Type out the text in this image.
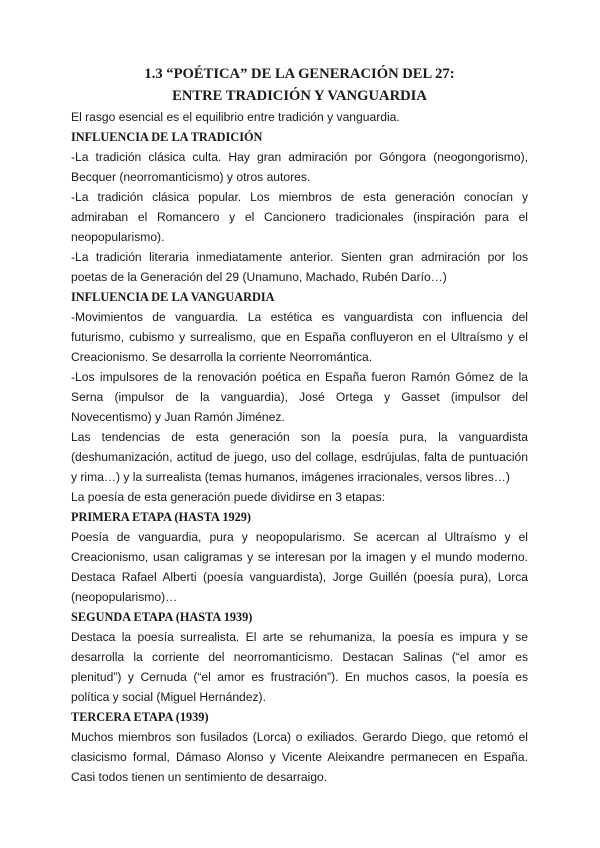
1.3 “POÉTICA” DE LA GENERACIÓN DEL 27:
ENTRE TRADICIÓN Y VANGUARDIA

El rasgo esencial es el equilibrio entre tradición y vanguardia.

INFLUENCIA DE LA TRADICIÓN

-La tradición clásica culta. Hay gran admiración por Góngora (neogongorismo), Becquer (neorromanticismo) y otros autores.

-La tradición clásica popular. Los miembros de esta generación conocían y admiraban el Romancero y el Cancionero tradicionales (inspiración para el neopopularismo).

-La tradición literaria inmediatamente anterior. Sienten gran admiración por los poetas de la Generación del 29 (Unamuno, Machado, Rubén Darío…)

INFLUENCIA DE LA VANGUARDIA

-Movimientos de vanguardia. La estética es vanguardista con influencia del futurismo, cubismo y surrealismo, que en España confluyeron en el Ultraísmo y el Creacionismo. Se desarrolla la corriente Neorromántica.

-Los impulsores de la renovación poética en España fueron Ramón Gómez de la Serna (impulsor de la vanguardia), José Ortega y Gasset (impulsor del Novecentismo) y Juan Ramón Jiménez.

Las tendencias de esta generación son la poesía pura, la vanguardista (deshumanización, actitud de juego, uso del collage, esdrújulas, falta de puntuación y rima…) y la surrealista (temas humanos, imágenes irracionales, versos libres…)

La poesía de esta generación puede dividirse en 3 etapas:

PRIMERA ETAPA (HASTA 1929)

Poesía de vanguardia, pura y neopopularismo. Se acercan al Ultraísmo y el Creacionismo, usan caligramas y se interesan por la imagen y el mundo moderno. Destaca Rafael Alberti (poesía vanguardista), Jorge Guillén (poesía pura), Lorca (neopopularismo)…

SEGUNDA ETAPA (HASTA 1939)

Destaca la poesía surrealista. El arte se rehumaniza, la poesía es impura y se desarrolla la corriente del neorromanticismo. Destacan Salinas (“el amor es plenitud”) y Cernuda (“el amor es frustración”). En muchos casos, la poesía es política y social (Miguel Hernández).

TERCERA ETAPA (1939)

Muchos miembros son fusilados (Lorca) o exiliados. Gerardo Diego, que retomó el clasicismo formal, Dámaso Alonso y Vicente Aleixandre permanecen en España. Casi todos tienen un sentimiento de desarraigo.
